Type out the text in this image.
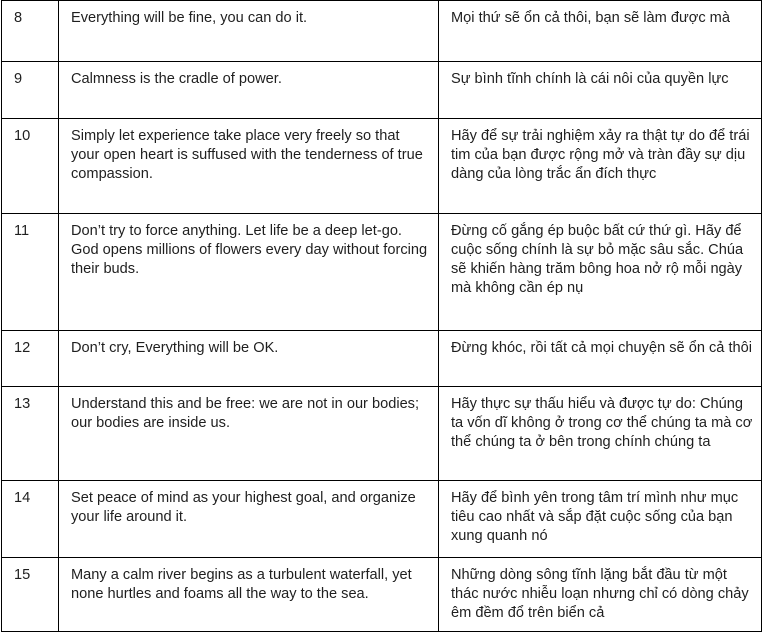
8	Everything will be fine, you can do it.	Mọi thứ sẽ ổn cả thôi, bạn sẽ làm được mà
9	Calmness is the cradle of power.	Sự bình tĩnh chính là cái nôi của quyền lực
10	Simply let experience take place very freely so that your open heart is suffused with the tenderness of true compassion.	Hãy để sự trải nghiệm xảy ra thật tự do để trái tim của bạn được rộng mở và tràn đầy sự dịu dàng của lòng trắc ẩn đích thực
11	Don’t try to force anything. Let life be a deep let-go. God opens millions of flowers every day without forcing their buds.	Đừng cố gắng ép buộc bất cứ thứ gì. Hãy để cuộc sống chính là sự bỏ mặc sâu sắc. Chúa sẽ khiến hàng trăm bông hoa nở rộ mỗi ngày mà không cần ép nụ
12	Don’t cry, Everything will be OK.	Đừng khóc, rồi tất cả mọi chuyện sẽ ổn cả thôi
13	Understand this and be free: we are not in our bodies; our bodies are inside us.	Hãy thực sự thấu hiểu và được tự do: Chúng ta vốn dĩ không ở trong cơ thể chúng ta mà cơ thể chúng ta ở bên trong chính chúng ta
14	Set peace of mind as your highest goal, and organize your life around it.	Hãy để bình yên trong tâm trí mình như mục tiêu cao nhất và sắp đặt cuộc sống của bạn xung quanh nó
15	Many a calm river begins as a turbulent waterfall, yet none hurtles and foams all the way to the sea.	Những dòng sông tĩnh lặng bắt đầu từ một thác nước nhiễu loạn nhưng chỉ có dòng chảy êm đềm đổ trên biển cả
